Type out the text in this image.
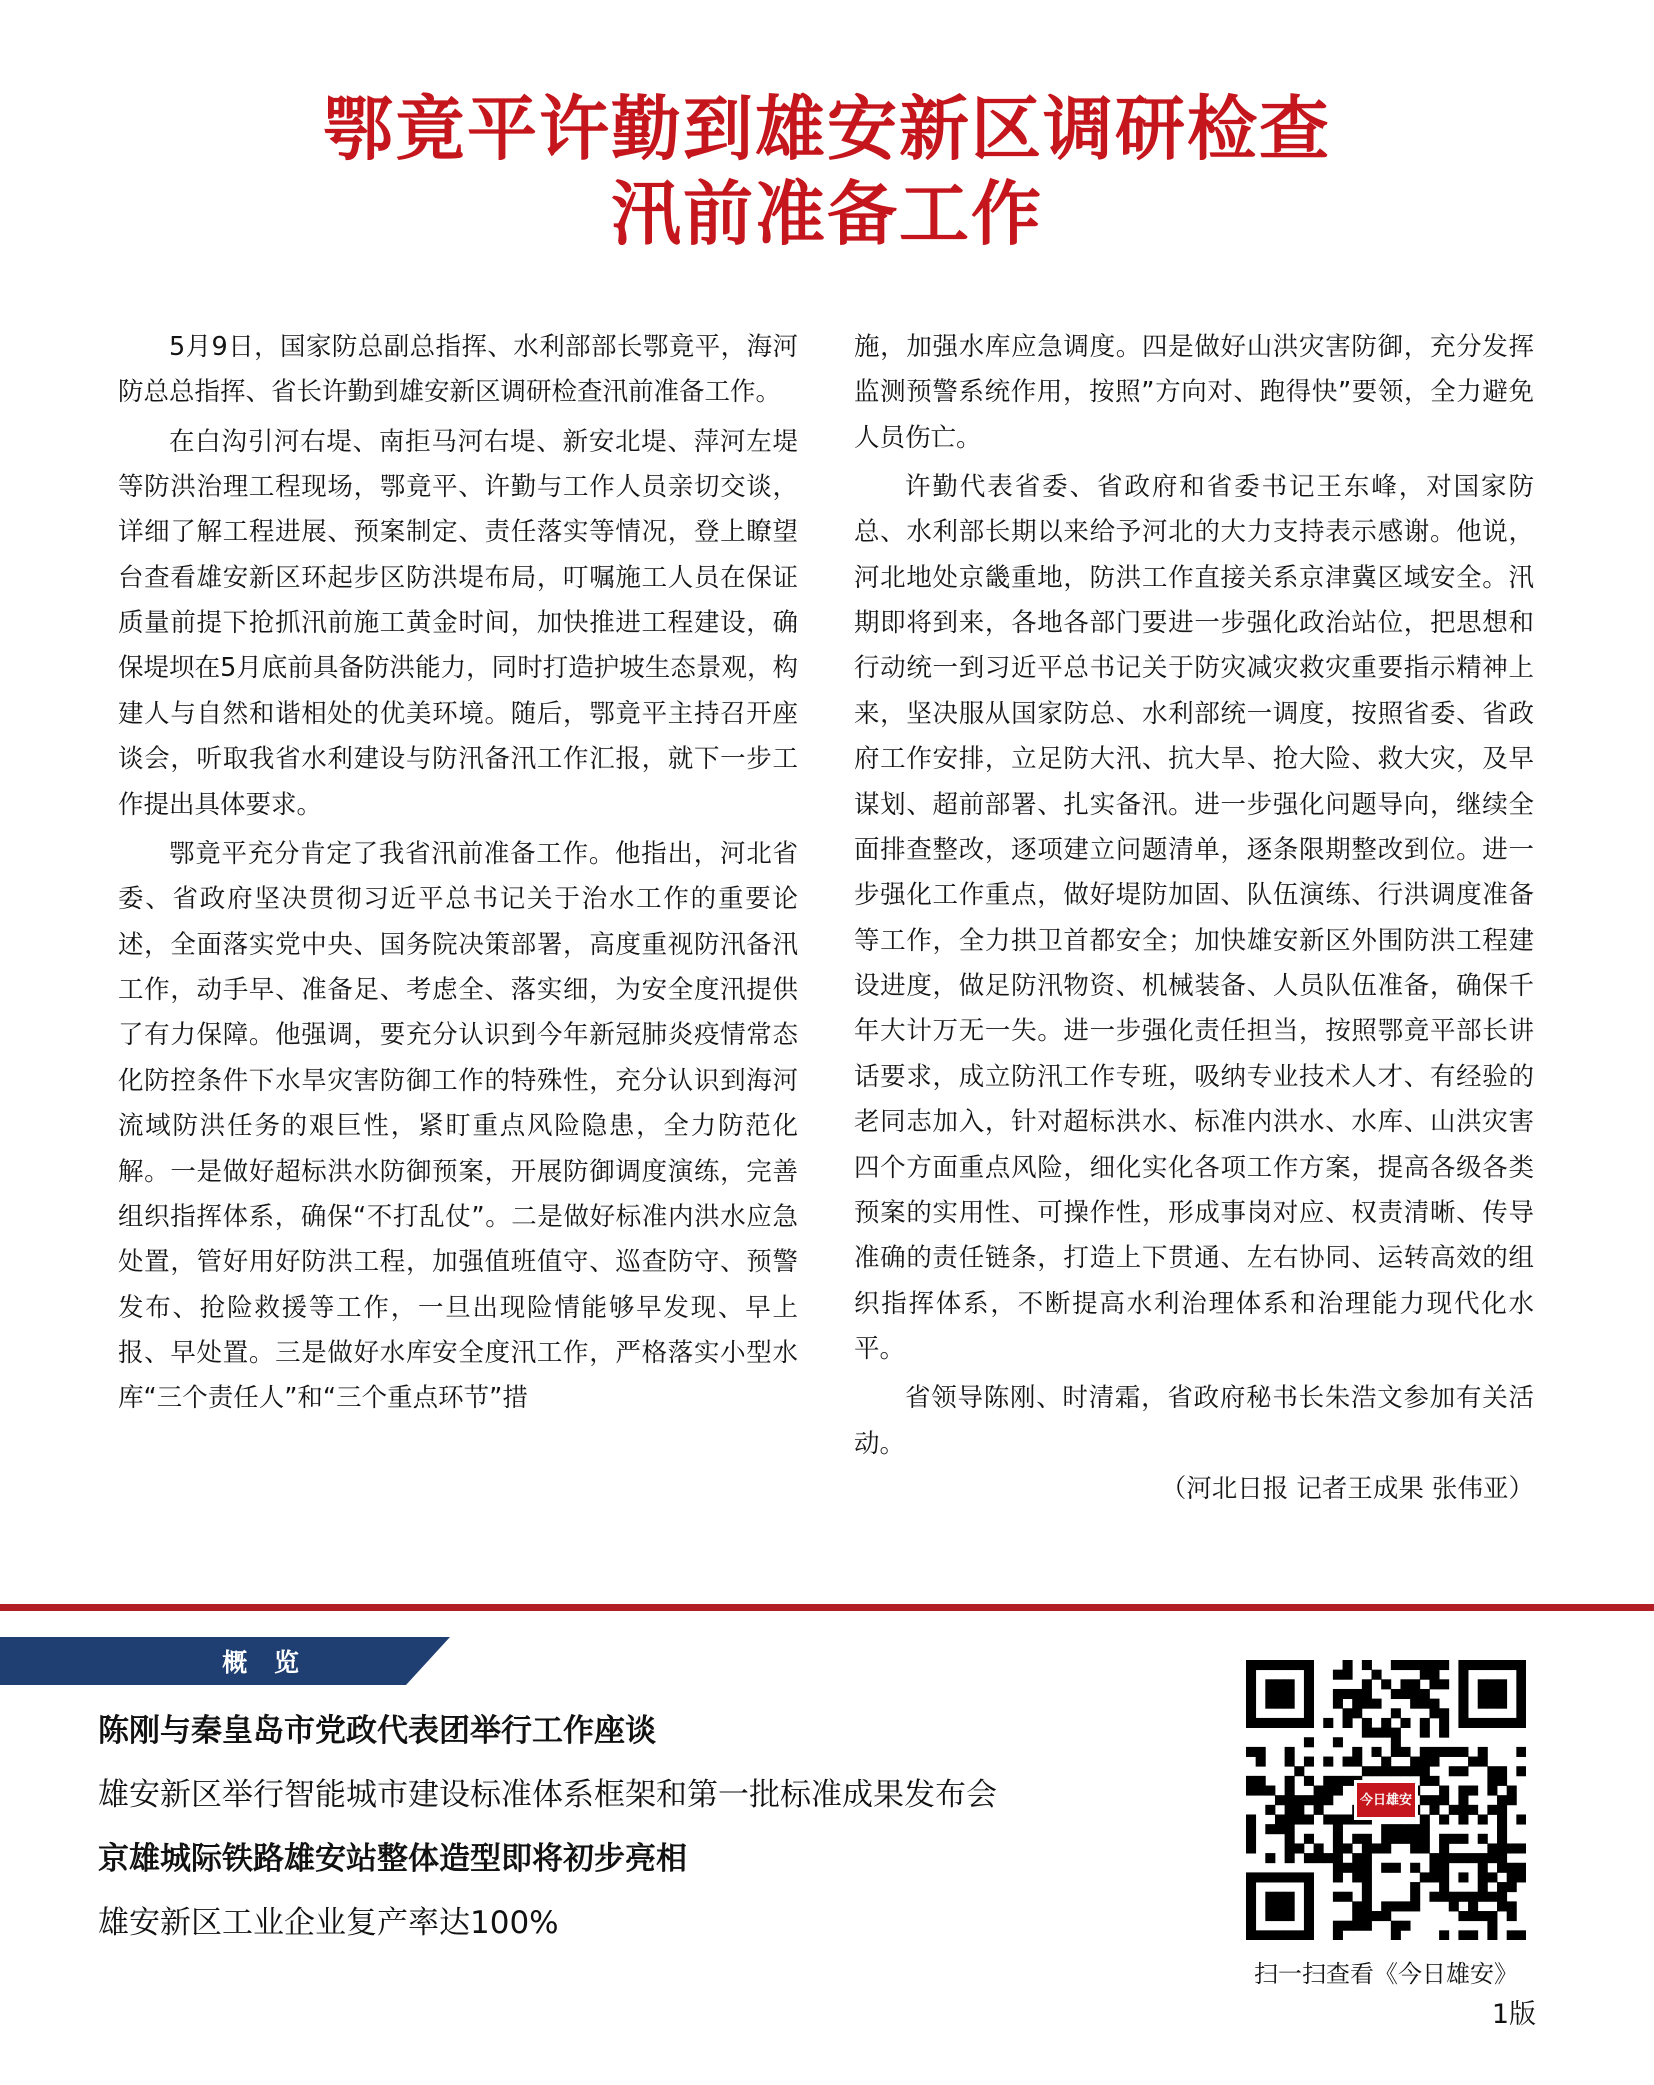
鄂竟平许勤到雄安新区调研检查
汛前准备工作

5月9日，国家防总副总指挥、水利部部长鄂竟平，海河防总总指挥、省长许勤到雄安新区调研检查汛前准备工作。

在白沟引河右堤、南拒马河右堤、新安北堤、萍河左堤等防洪治理工程现场，鄂竟平、许勤与工作人员亲切交谈，详细了解工程进展、预案制定、责任落实等情况，登上瞭望台查看雄安新区环起步区防洪堤布局，叮嘱施工人员在保证质量前提下抢抓汛前施工黄金时间，加快推进工程建设，确保堤坝在5月底前具备防洪能力，同时打造护坡生态景观，构建人与自然和谐相处的优美环境。随后，鄂竟平主持召开座谈会，听取我省水利建设与防汛备汛工作汇报，就下一步工作提出具体要求。

鄂竟平充分肯定了我省汛前准备工作。他指出，河北省委、省政府坚决贯彻习近平总书记关于治水工作的重要论述，全面落实党中央、国务院决策部署，高度重视防汛备汛工作，动手早、准备足、考虑全、落实细，为安全度汛提供了有力保障。他强调，要充分认识到今年新冠肺炎疫情常态化防控条件下水旱灾害防御工作的特殊性，充分认识到海河流域防洪任务的艰巨性，紧盯重点风险隐患，全力防范化解。一是做好超标洪水防御预案，开展防御调度演练，完善组织指挥体系，确保“不打乱仗”。二是做好标准内洪水应急处置，管好用好防洪工程，加强值班值守、巡查防守、预警发布、抢险救援等工作，一旦出现险情能够早发现、早上报、早处置。三是做好水库安全度汛工作，严格落实小型水库“三个责任人”和“三个重点环节”措

施，加强水库应急调度。四是做好山洪灾害防御，充分发挥监测预警系统作用，按照”方向对、跑得快”要领，全力避免人员伤亡。

许勤代表省委、省政府和省委书记王东峰，对国家防总、水利部长期以来给予河北的大力支持表示感谢。他说，河北地处京畿重地，防洪工作直接关系京津冀区域安全。汛期即将到来，各地各部门要进一步强化政治站位，把思想和行动统一到习近平总书记关于防灾减灾救灾重要指示精神上来，坚决服从国家防总、水利部统一调度，按照省委、省政府工作安排，立足防大汛、抗大旱、抢大险、救大灾，及早谋划、超前部署、扎实备汛。进一步强化问题导向，继续全面排查整改，逐项建立问题清单，逐条限期整改到位。进一步强化工作重点，做好堤防加固、队伍演练、行洪调度准备等工作，全力拱卫首都安全；加快雄安新区外围防洪工程建设进度，做足防汛物资、机械装备、人员队伍准备，确保千年大计万无一失。进一步强化责任担当，按照鄂竟平部长讲话要求，成立防汛工作专班，吸纳专业技术人才、有经验的老同志加入，针对超标洪水、标准内洪水、水库、山洪灾害四个方面重点风险，细化实化各项工作方案，提高各级各类预案的实用性、可操作性，形成事岗对应、权责清晰、传导准确的责任链条，打造上下贯通、左右协同、运转高效的组织指挥体系，不断提高水利治理体系和治理能力现代化水平。

省领导陈刚、时清霜，省政府秘书长朱浩文参加有关活动。

（河北日报 记者王成果 张伟亚）

概 览
陈刚与秦皇岛市党政代表团举行工作座谈
雄安新区举行智能城市建设标准体系框架和第一批标准成果发布会
京雄城际铁路雄安站整体造型即将初步亮相
雄安新区工业企业复产率达100%
今日雄安
扫一扫查看《今日雄安》
1版
